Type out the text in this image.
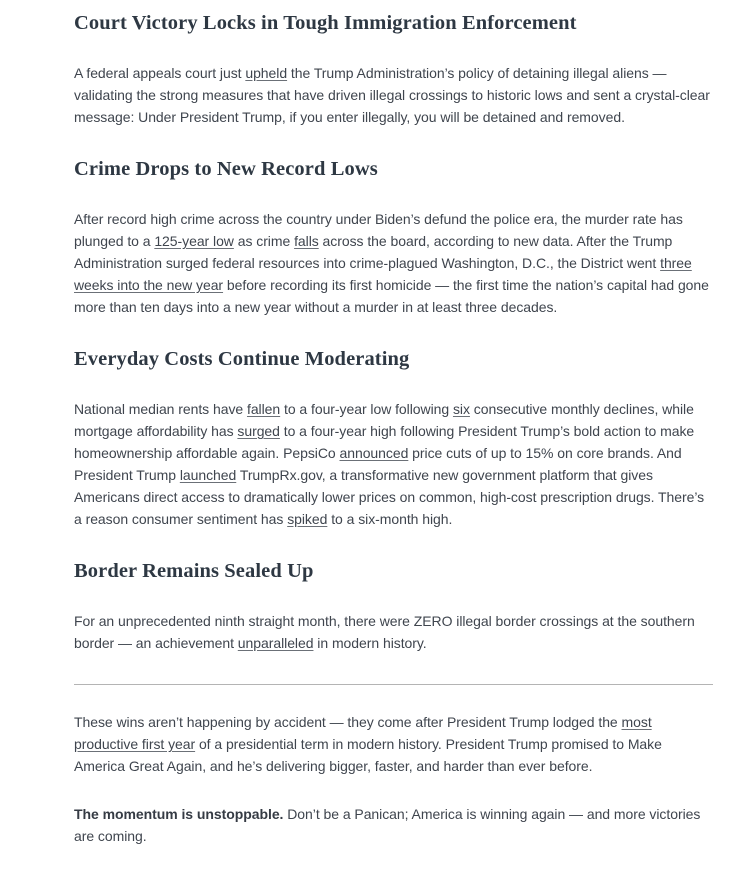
Court Victory Locks in Tough Immigration Enforcement

A federal appeals court just upheld the Trump Administration’s policy of detaining illegal aliens — validating the strong measures that have driven illegal crossings to historic lows and sent a crystal-clear message: Under President Trump, if you enter illegally, you will be detained and removed.

Crime Drops to New Record Lows

After record high crime across the country under Biden’s defund the police era, the murder rate has plunged to a 125-year low as crime falls across the board, according to new data. After the Trump Administration surged federal resources into crime-plagued Washington, D.C., the District went three weeks into the new year before recording its first homicide — the first time the nation’s capital had gone more than ten days into a new year without a murder in at least three decades.

Everyday Costs Continue Moderating

National median rents have fallen to a four-year low following six consecutive monthly declines, while mortgage affordability has surged to a four-year high following President Trump’s bold action to make homeownership affordable again. PepsiCo announced price cuts of up to 15% on core brands. And President Trump launched TrumpRx.gov, a transformative new government platform that gives Americans direct access to dramatically lower prices on common, high-cost prescription drugs. There’s a reason consumer sentiment has spiked to a six-month high.

Border Remains Sealed Up

For an unprecedented ninth straight month, there were ZERO illegal border crossings at the southern border — an achievement unparalleled in modern history.

These wins aren’t happening by accident — they come after President Trump lodged the most productive first year of a presidential term in modern history. President Trump promised to Make America Great Again, and he’s delivering bigger, faster, and harder than ever before.

The momentum is unstoppable. Don’t be a Panican; America is winning again — and more victories are coming.
